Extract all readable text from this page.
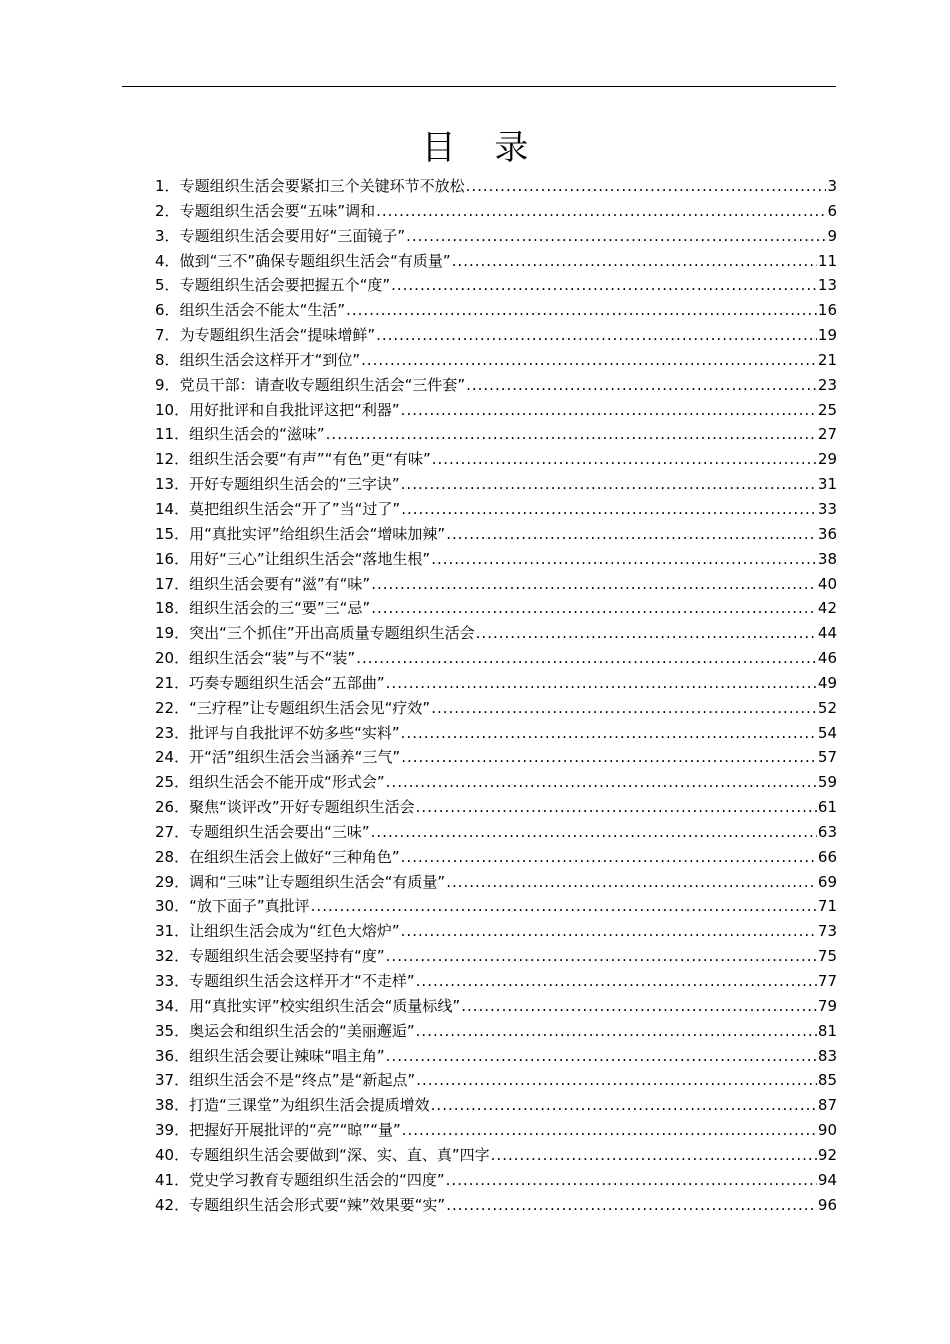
目 录
1 ． 专题组织生活会要紧扣三个关键环节不放松 .....	3
2 ． 专题组织生活会要“五味”调和 .....	6
3 ． 专题组织生活会要用好“三面镜子” .....	9
4 ． 做到“三不”确保专题组织生活会“有质量” .....	11
5 ． 专题组织生活会要把握五个“度” .....	13
6 ． 组织生活会不能太“生活” .....	16
7 ． 为专题组织生活会“提味增鲜” .....	19
8 ． 组织生活会这样开才“到位” .....	21
9 ． 党员干部：请查收专题组织生活会“三件套” .....	23
10 ． 用好批评和自我批评这把“利器” .....	25
11 ． 组织生活会的“滋味” .....	27
12 ． 组织生活会要“有声”“有色”更“有味” .....	29
13 ． 开好专题组织生活会的“三字诀” .....	31
14 ． 莫把组织生活会“开了”当“过了” .....	33
15 ． 用“真批实评”给组织生活会“增味加辣” .....	36
16 ． 用好“三心”让组织生活会“落地生根” .....	38
17 ． 组织生活会要有“滋”有“味” .....	40
18 ． 组织生活会的三“要”三“忌” .....	42
19 ． 突出“三个抓住”开出高质量专题组织生活会 .....	44
20 ． 组织生活会“装”与不“装” .....	46
21 ． 巧奏专题组织生活会“五部曲” .....	49
22 ． “三疗程”让专题组织生活会见“疗效” .....	52
23 ． 批评与自我批评不妨多些“实料” .....	54
24 ． 开“活”组织生活会当涵养“三气” .....	57
25 ． 组织生活会不能开成“形式会” .....	59
26 ． 聚焦“谈评改”开好专题组织生活会 .....	61
27 ． 专题组织生活会要出“三味” .....	63
28 ． 在组织生活会上做好“三种角色” .....	66
29 ． 调和“三味”让专题组织生活会“有质量” .....	69
30 ． “放下面子”真批评 .....	71
31 ． 让组织生活会成为“红色大熔炉” .....	73
32 ． 专题组织生活会要坚持有“度” .....	75
33 ． 专题组织生活会这样开才“不走样” .....	77
34 ． 用“真批实评”校实组织生活会“质量标线” .....	79
35 ． 奥运会和组织生活会的“美丽邂逅” .....	81
36 ． 组织生活会要让辣味“唱主角” .....	83
37 ． 组织生活会不是“终点”是“新起点” .....	85
38 ． 打造“三课堂”为组织生活会提质增效 .....	87
39 ． 把握好开展批评的“亮”“晾”“量” .....	90
40 ． 专题组织生活会要做到“深、实、直、真”四字 .....	92
41 ． 党史学习教育专题组织生活会的“四度” .....	94
42 ． 专题组织生活会形式要“辣”效果要“实” .....	96
